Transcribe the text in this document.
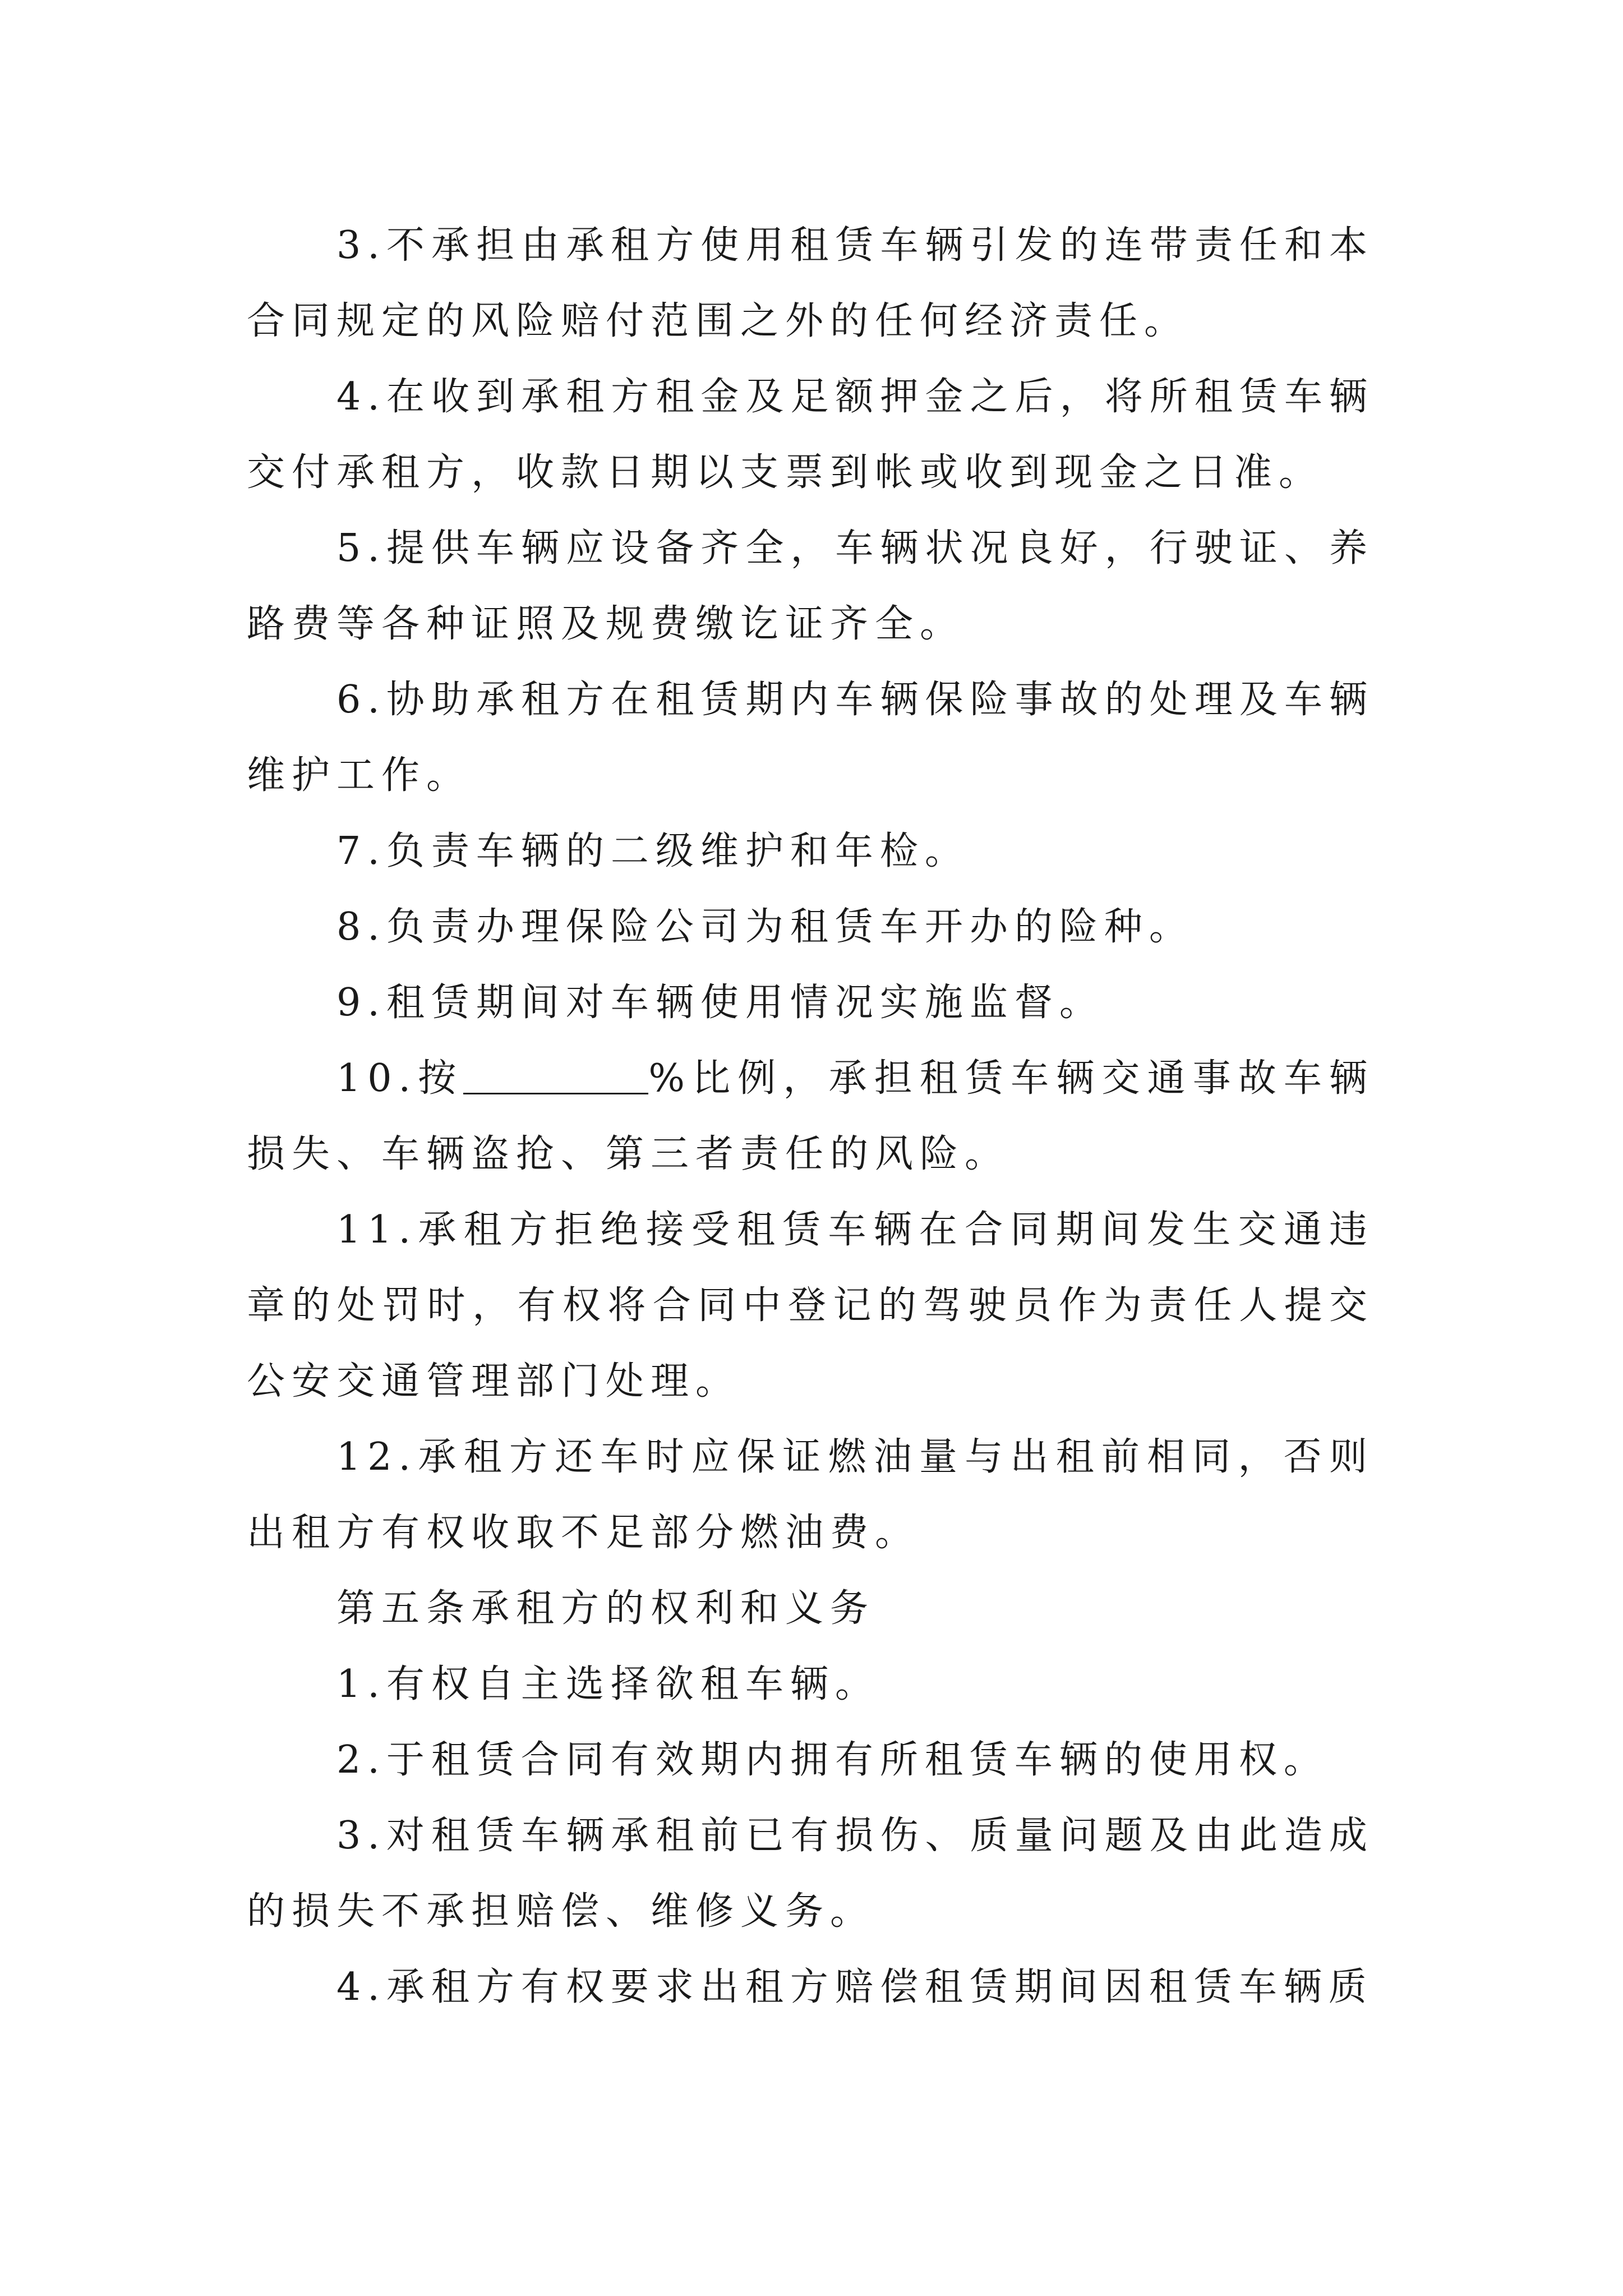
3.不承担由承租方使用租赁车辆引发的连带责任和本合同规定的风险赔付范围之外的任何经济责任。

4.在收到承租方租金及足额押金之后，将所租赁车辆交付承租方，收款日期以支票到帐或收到现金之日准。

5.提供车辆应设备齐全，车辆状况良好，行驶证、养路费等各种证照及规费缴讫证齐全。

6.协助承租方在租赁期内车辆保险事故的处理及车辆维护工作。

7.负责车辆的二级维护和年检。

8.负责办理保险公司为租赁车开办的险种。

9.租赁期间对车辆使用情况实施监督。

10.按	%比例，承担租赁车辆交通事故车辆损失、车辆盗抢、第三者责任的风险。

11.承租方拒绝接受租赁车辆在合同期间发生交通违章的处罚时，有权将合同中登记的驾驶员作为责任人提交公安交通管理部门处理。

12.承租方还车时应保证燃油量与出租前相同，否则出租方有权收取不足部分燃油费。

第五条承租方的权利和义务

1.有权自主选择欲租车辆。

2.于租赁合同有效期内拥有所租赁车辆的使用权。

3.对租赁车辆承租前已有损伤、质量问题及由此造成的损失不承担赔偿、维修义务。

4.承租方有权要求出租方赔偿租赁期间因租赁车辆质
